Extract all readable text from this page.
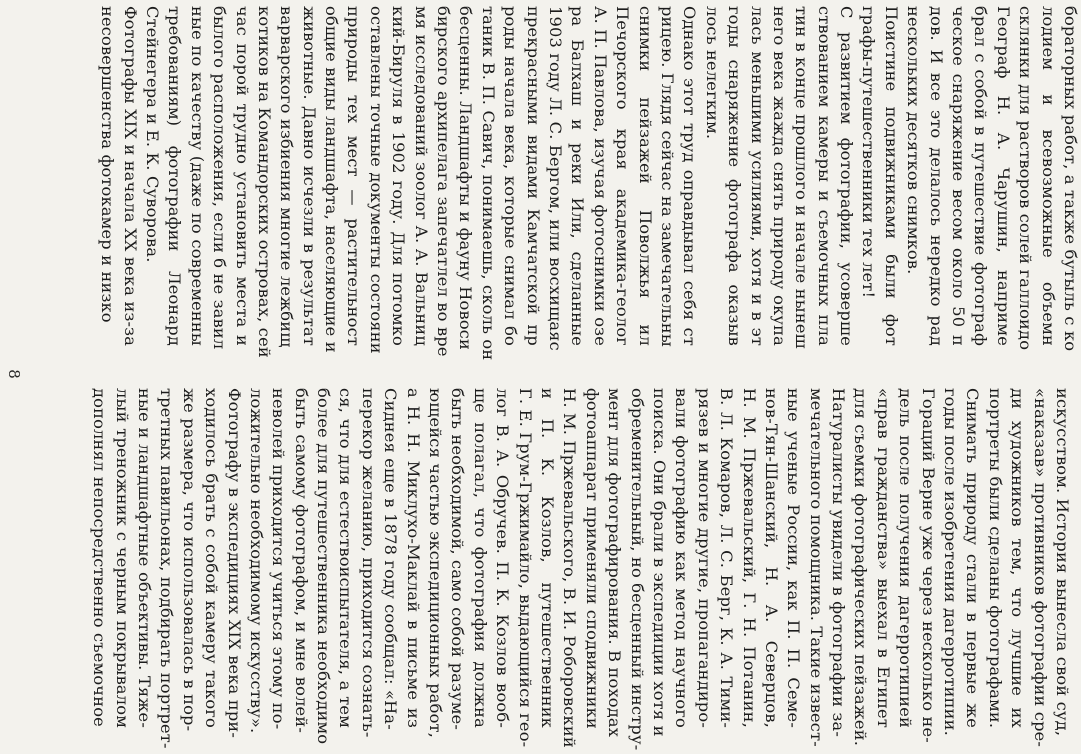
бораторных работ, а также бутыль с ко
лодием и всевозможные объемн
склянки для растворов солей галлоидо
Географ Н. А. Чарушин, наприме
брал с собой в путешествие фотограф
ческое снаряжение весом около 50 п
дов. И все это делалось нередко рад
нескольких десятков снимков.
Поистине подвижниками были фот
графы-путешественники тех лет!
С развитием фотографии, усоверше
ствованием камеры и съемочных пла
тин в конце прошлого и начале нынеш
него века жажда снять природу окупа
лась меньшими усилиями, хотя и в эт
годы снаряжение фотографа оказыв
лось нелегким.
Однако этот труд оправдывал себя ст
рицею. Глядя сейчас на замечательны
снимки пейзажей Поволжья ил
Печорского края академика-геолог
А. П. Павлова, изучая фотоснимки озе
ра Балхаш и реки Или, сделанные
1903 году Л. С. Бергом, или восхищаяс
прекрасными видами Камчатской пр
роды начала века, которые снимал бо
таник В. П. Савич, понимаешь, сколь он
бесценны. Ландшафты и фауну Новоси
бирского архипелага запечатлел во вре
мя исследований зоолог А. А. Вальниц
кий-Бируля в 1902 году. Для потомко
оставлены точные документы состояни
природы тех мест — растительност
общие виды ландшафта, населяющие и
животные. Давно исчезли в результат
варварского избиения многие лежбищ
котиков на Командорских островах, сей
час порой трудно установить места и
былого расположения, если б не завил
ные по качеству (даже по современны
требованиям) фотографии Леонард
Стейнегера и Е. К. Суворова.
Фотографы XIX и начала XX века из-за
несовершенства фотокамер и низко
8
искусством. История вынесла свой суд,
«наказав» противников фотографии сре-
ди художников тем, что лучшие их
портреты были сделаны фотографами.
Снимать природу стали в первые же
годы после изобретения дагерротипии.
Гораций Верне уже через несколько не-
дель после получения дагерротипией
«прав гражданства» выехал в Египет
для съемки фотографических пейзажей.
Натуралисты увидели в фотографии за-
мечательного помощника. Такие извест-
ные ученые России, как П. П. Семе-
нов-Тян-Шанский, Н. А. Северцов,
Н. М. Пржевальский, Г. Н. Потанин,
В. Л. Комаров, Л. С. Берг, К. А. Тими-
рязев и многие другие, пропагандиро-
вали фотографию как метод научного
поиска. Они брали в экспедиции хотя и
обременительный, но бесценный инстру-
мент для фотографирования. В походах
фотоаппарат применяли сподвижники
Н. М. Пржевальского, В. И. Роборовский
и П. К. Козлов, путешественник
Г. Е. Грум-Гржимайло, выдающийся гео-
лог В. А. Обручев. П. К. Козлов вооб-
ще полагал, что фотография должна
быть необходимой, само собой разуме-
ющейся частью экспедиционных работ,
а Н. Н. Миклухо-Маклай в письме из
Сиднея еще в 1878 году сообщал: «На-
перекор желанию, приходится сознать-
ся, что для естествоиспытателя, а тем
более для путешественника необходимо
быть самому фотографом, и мне волей-
неволей приходится учиться этому по-
ложительно необходимому искусству».
Фотографу в экспедициях XIX века при-
ходилось брать с собой камеру такого
же размера, что использовалась в пор-
третных павильонах, подбирать портрет-
ные и ландшафтные объективы. Тяже-
лый треножник с черным покрывалом
дополнял непосредственно съемочное
